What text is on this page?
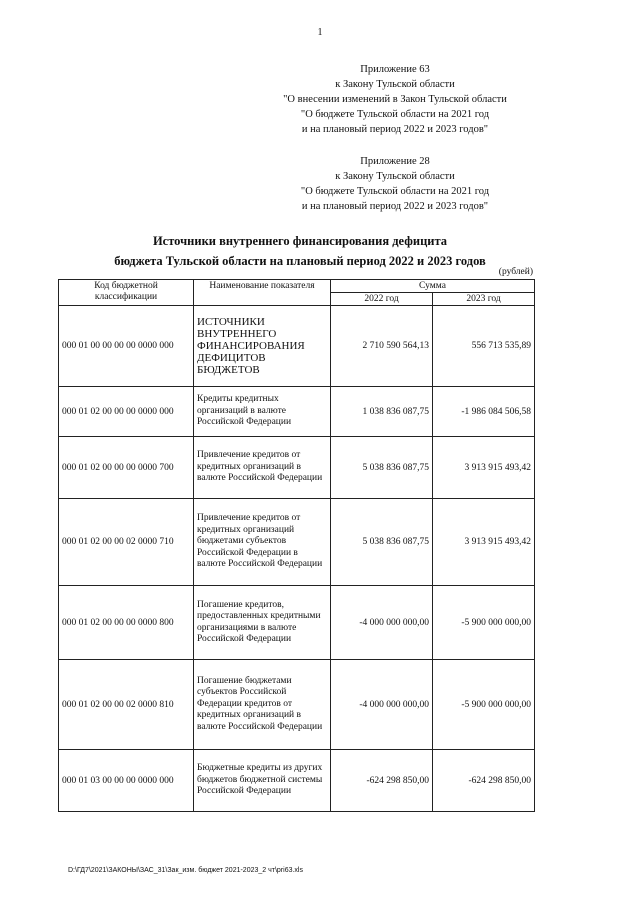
1
Приложение 63
к Закону Тульской области
"О внесении изменений в Закон Тульской области
"О бюджете Тульской области на 2021 год
и на плановый период 2022 и 2023 годов"
Приложение 28
к Закону Тульской области
"О бюджете Тульской области на 2021 год
и на плановый период 2022 и 2023 годов"
Источники внутреннего финансирования дефицита
бюджета Тульской области на плановый период 2022 и 2023 годов
(рублей)
Код бюджетной классификации	Наименование показателя	Сумма	
		2022 год	2023 год
000 01 00 00 00 00 0000 000	ИСТОЧНИКИ ВНУТРЕННЕГО ФИНАНСИРОВАНИЯ ДЕФИЦИТОВ БЮДЖЕТОВ	2 710 590 564,13	556 713 535,89
000 01 02 00 00 00 0000 000	Кредиты кредитных организаций в валюте Российской Федерации	1 038 836 087,75	-1 986 084 506,58
000 01 02 00 00 00 0000 700	Привлечение кредитов от кредитных организаций в валюте Российской Федерации	5 038 836 087,75	3 913 915 493,42
000 01 02 00 00 02 0000 710	Привлечение кредитов от кредитных организаций бюджетами субъектов Российской Федерации в валюте Российской Федерации	5 038 836 087,75	3 913 915 493,42
000 01 02 00 00 00 0000 800	Погашение кредитов, предоставленных кредитными организациями в валюте Российской Федерации	-4 000 000 000,00	-5 900 000 000,00
000 01 02 00 00 02 0000 810	Погашение бюджетами субъектов Российской Федерации кредитов от кредитных организаций в валюте Российской Федерации	-4 000 000 000,00	-5 900 000 000,00
000 01 03 00 00 00 0000 000	Бюджетные кредиты из других бюджетов бюджетной системы Российской Федерации	-624 298 850,00	-624 298 850,00
D:\ГД7\2021\ЗАКОНЫ\ЗАС_31\Зак_изм. бюджет 2021-2023_2 чт\pri63.xls
